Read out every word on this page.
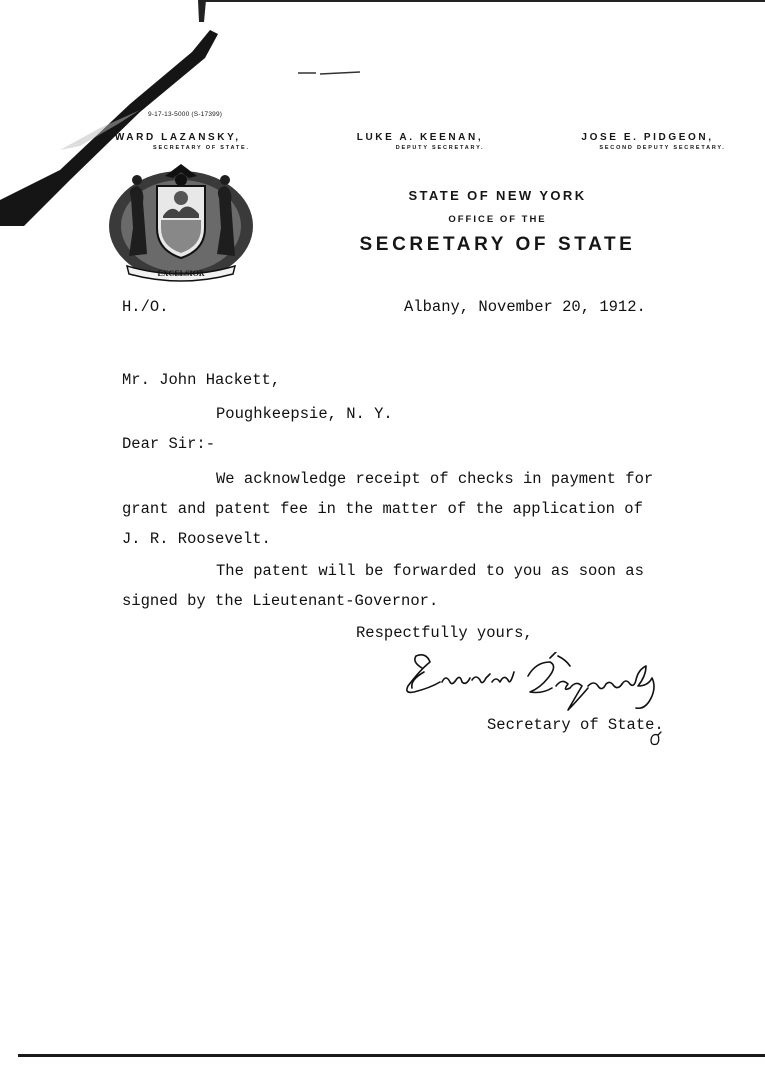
9-17-13-5000 (S-17399)
DWARD LAZANSKY,
SECRETARY OF STATE.
LUKE A. KEENAN,
DEPUTY SECRETARY.
JOSE E. PIDGEON,
SECOND DEPUTY SECRETARY.
EXCELSIOR
STATE OF NEW YORK
OFFICE OF THE
SECRETARY OF STATE
H./O.	Albany, November 20, 1912.
Mr. John Hackett,
Poughkeepsie, N. Y.
Dear Sir:-
We acknowledge receipt of checks in payment for
grant and patent fee in the matter of the application of
J. R. Roosevelt.
The patent will be forwarded to you as soon as
signed by the Lieutenant-Governor.
Respectfully yours,
Secretary of State.
